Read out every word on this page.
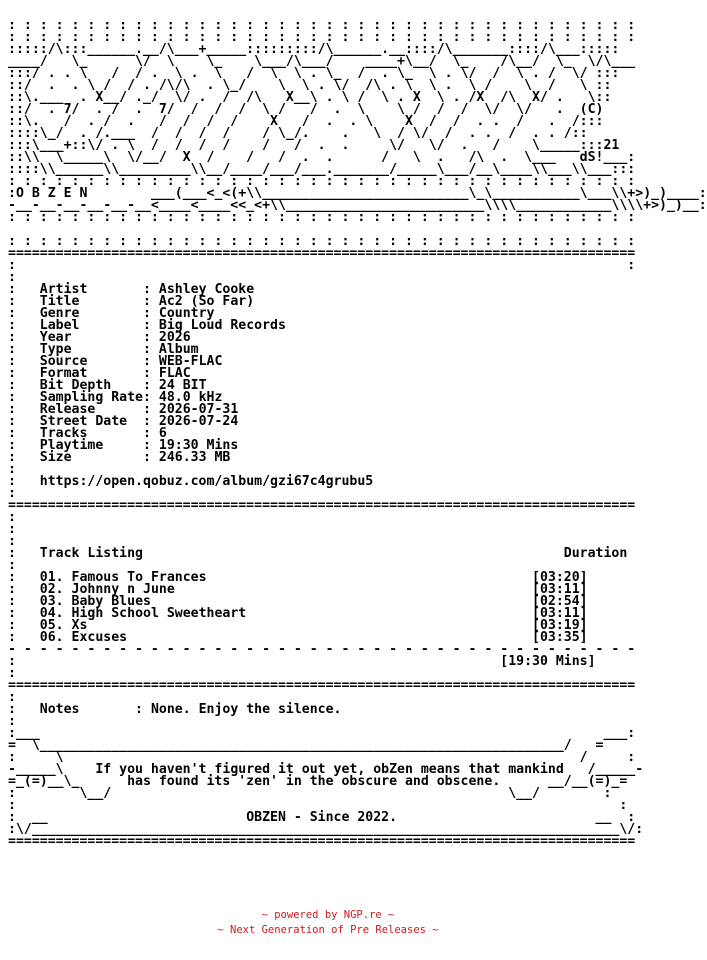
: : : : : : : : : : : : : : : : : : : : : : : : : : : : : : : : : : : : : : : :
: : : : : : : : : : : : : : : : : : : : : : : : : : : : : : : : : : : : : : : :
:::::/\:::______.__/\___+_____:::::::::/\______.__::::/\_______::::/\___:::::
____/   \_      \/  \    \_    \___/\___/    ____+\__/  \_    /\__/  \_  \/\___
:::/ . . \   /  / .  \ .  \   /  \  \ . \_  /  . \_  \ . \/  /  \ . /  \/ :::
::/  .  . \ /  / . /\/\  . \_/    \  \ . \/  /\ . \  \ .  \ /    \  /   \ ::
::\.___  . X__/ ._/  \/ .  /  /\   X__\ . \ /  \ . X  \ . /X  /\  X/ .   \::
::/  . 7/  . /  .  7/  /  /  /  \ /   /  .  \    \ /  /  /  \/  \/   .  (C)
::\.   /  . /  .   /  /  /  /    X   /  .  . \    X  /  /  . .  /   .  /:::
::::\_/  . /.___  /  /  /  /    / \_/.    .   \  / \/  /  . .  /  . . /::
:::\___+::\/ . \  /  /  /  /    /   /  .  .     \/   \/  .   /    \_____:::21
::\\  \_____\  \/__/  X  /    /   /  .  .      /   \  .   /\  .  \___   dS!___:
::::\\______\\_________\\__/____/___/___._______/_____\___/__\____\\___\\___:::
: : : : : : : : : : : : : : : : : : : : : : : : : : : : : : : : : : : : : : : :
:O B Z E N        ___(___<_<(+\\__________________________\_\___________\___\\+>)_)____:
-__-__-__-__-__-__<____<____<<_<+\\_________________________\\\\____________\\\\+>)_)__:
: : : : : : : : : : : : : : : : : : : : : : : : : : : : : : : : : : : : : : : :

: : : : : : : : : : : : : : : : : : : : : : : : : : : : : : : : : : : : : : : :
===============================================================================
:                                                                             :
:
:   Artist       : Ashley Cooke
:   Title        : Ac2 (So Far)
:   Genre        : Country
:   Label        : Big Loud Records
:   Year         : 2026
:   Type         : Album
:   Source       : WEB-FLAC
:   Format       : FLAC
:   Bit Depth    : 24 BIT
:   Sampling Rate: 48.0 kHz
:   Release      : 2026-07-31
:   Street Date  : 2026-07-24
:   Tracks       : 6
:   Playtime     : 19:30 Mins
:   Size         : 246.33 MB
:
:   https://open.qobuz.com/album/gzi67c4grubu5
:
===============================================================================
:
:
:
:   Track Listing	Duration
:
:   01. Famous To Frances                                         [03:20]
:   02. Johnny n June                                             [03:11]
:   03. Baby Blues                                                [02:54]
:   04. High School Sweetheart                                    [03:11]
:   05. Xs                                                        [03:19]
:   06. Excuses                                                   [03:35]
- - - - - - - - - - - - - - - - - - - - - - - - - - - - - - - - - - - - - - - -
:                                                             [19:30 Mins]
:
===============================================================================
:
:   Notes       : None. Enjoy the silence.
:
:___                                                                       ___:
=  \__________________________________________________________________/   =
:     \                                                                 /     :
-_____\    If you haven't figured it out yet, obZen means that mankind   /_____-
=_(=)__\_      has found its 'zen' in the obscure and obscene.      __/__(=)_=
:        \__/                                                  \__/        :
:                                                                            :
:  __                         OBZEN - Since 2022.                         __  :
:\/__________________________________________________________________________\/:
===============================================================================

~ powered by NGP.re ~
~ Next Generation of Pre Releases ~
